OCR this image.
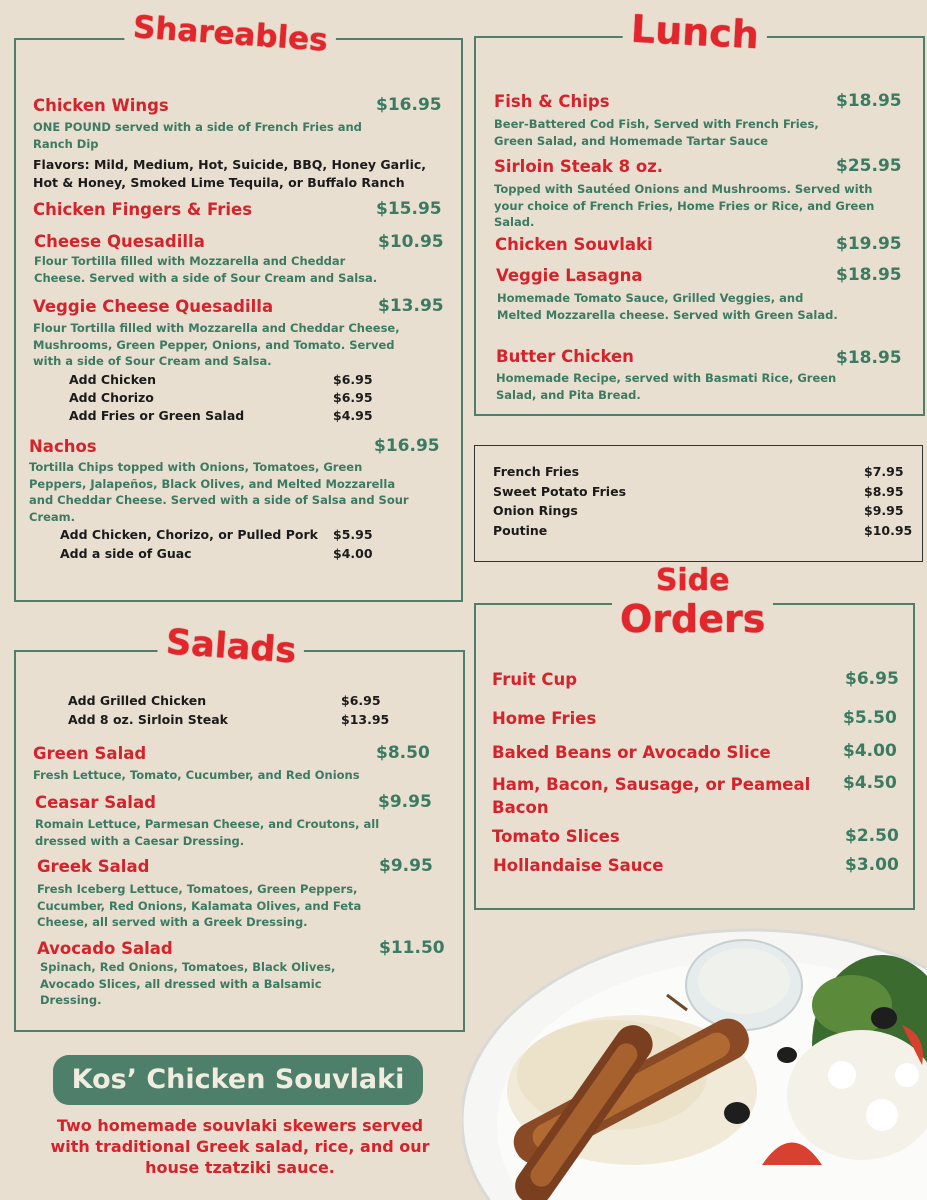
Shareables
Chicken Wings	$16.95
ONE POUND served with a side of French Fries and Ranch Dip
Flavors: Mild, Medium, Hot, Suicide, BBQ, Honey Garlic, Hot & Honey, Smoked Lime Tequila, or Buffalo Ranch
Chicken Fingers & Fries	$15.95
Cheese Quesadilla	$10.95
Flour Tortilla filled with Mozzarella and Cheddar Cheese. Served with a side of Sour Cream and Salsa.
Veggie Cheese Quesadilla	$13.95
Flour Tortilla filled with Mozzarella and Cheddar Cheese, Mushrooms, Green Pepper, Onions, and Tomato. Served with a side of Sour Cream and Salsa.
Add Chicken	$6.95
Add Chorizo	$6.95
Add Fries or Green Salad	$4.95
Nachos	$16.95
Tortilla Chips topped with Onions, Tomatoes, Green Peppers, Jalapeños, Black Olives, and Melted Mozzarella and Cheddar Cheese. Served with a side of Salsa and Sour Cream.
Add Chicken, Chorizo, or Pulled Pork $5.95
Add a side of Guac	$4.00
Salads
Add Grilled Chicken	$6.95
Add 8 oz. Sirloin Steak	$13.95
Green Salad	$8.50
Fresh Lettuce, Tomato, Cucumber, and Red Onions
Ceasar Salad	$9.95
Romain Lettuce, Parmesan Cheese, and Croutons, all dressed with a Caesar Dressing.
Greek Salad	$9.95
Fresh Iceberg Lettuce, Tomatoes, Green Peppers, Cucumber, Red Onions, Kalamata Olives, and Feta Cheese, all served with a Greek Dressing.
Avocado Salad	$11.50
Spinach, Red Onions, Tomatoes, Black Olives, Avocado Slices, all dressed with a Balsamic Dressing.
Kos’ Chicken Souvlaki
Two homemade souvlaki skewers served with traditional Greek salad, rice, and our house tzatziki sauce.
Lunch
Fish & Chips	$18.95
Beer-Battered Cod Fish, Served with French Fries, Green Salad, and Homemade Tartar Sauce
Sirloin Steak 8 oz.	$25.95
Topped with Sautéed Onions and Mushrooms. Served with your choice of French Fries, Home Fries or Rice, and Green Salad.
Chicken Souvlaki	$19.95
Veggie Lasagna	$18.95
Homemade Tomato Sauce, Grilled Veggies, and Melted Mozzarella cheese. Served with Green Salad.
Butter Chicken	$18.95
Homemade Recipe, served with Basmati Rice, Green Salad, and Pita Bread.
French Fries	$7.95
Sweet Potato Fries	$8.95
Onion Rings	$9.95
Poutine	$10.95
Side
Orders
Fruit Cup	$6.95
Home Fries	$5.50
Baked Beans or Avocado Slice	$4.00
Ham, Bacon, Sausage, or Peameal Bacon
$4.50
Tomato Slices	$2.50
Hollandaise Sauce	$3.00
